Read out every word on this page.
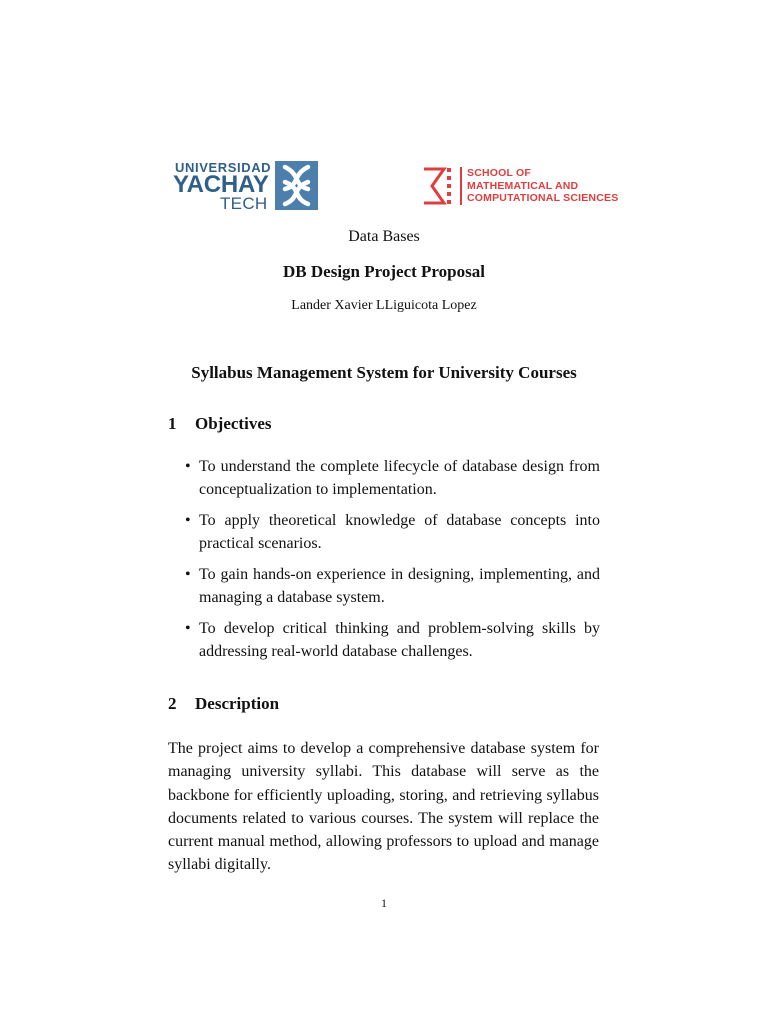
UNIVERSIDAD
YACHAY
TECH
SCHOOL OF
MATHEMATICAL AND
COMPUTATIONAL SCIENCES
Data Bases
DB Design Project Proposal
Lander Xavier LLiguicota Lopez
Syllabus Management System for University Courses
1 Objectives
• To understand the complete lifecycle of database design from conceptualization to implementation.
• To apply theoretical knowledge of database concepts into practical scenarios.
• To gain hands-on experience in designing, implementing, and managing a database system.
• To develop critical thinking and problem-solving skills by addressing real-world database challenges.
2 Description

The project aims to develop a comprehensive database system for managing university syllabi. This database will serve as the backbone for efficiently uploading, storing, and retrieving syllabus documents related to various courses. The system will replace the current manual method, allowing professors to upload and manage syllabi digitally.

1
